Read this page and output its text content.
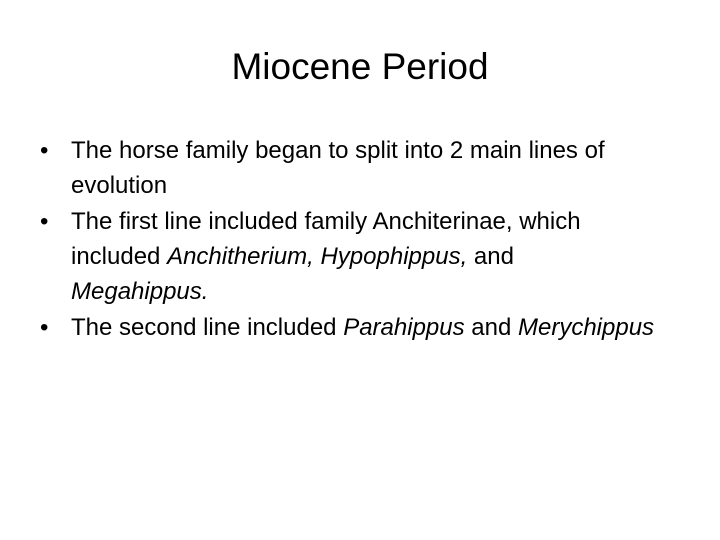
Miocene Period
• The horse family began to split into 2 main lines of evolution
• The first line included family Anchiterinae, which included Anchitherium, Hypophippus, and Megahippus.
• The second line included Parahippus and Merychippus
